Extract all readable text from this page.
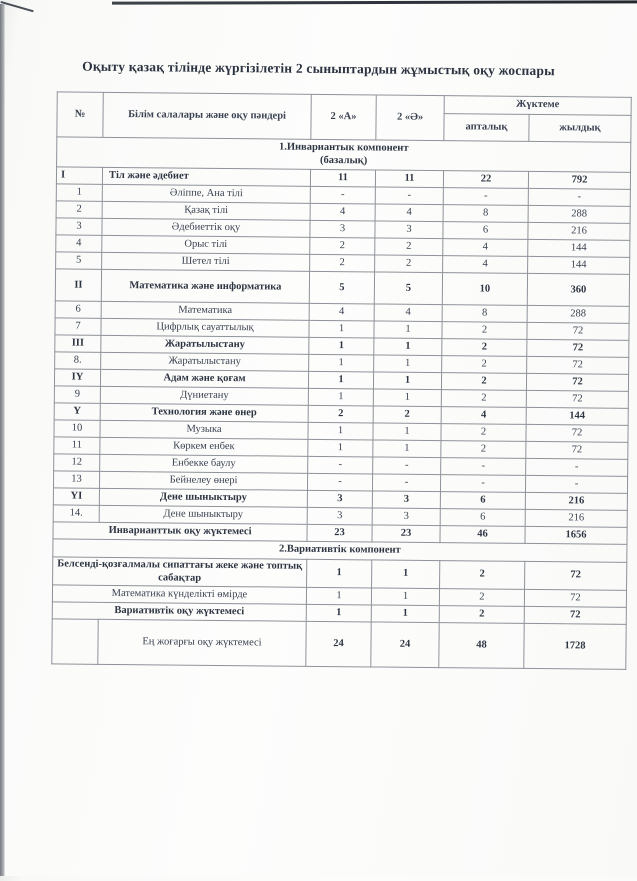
Оқыту қазақ тілінде жүргізілетін 2 сыныптардын жұмыстық оқу жоспары
№	Білім салалары және оқу пәндері	2 «А»	2 «Ә»	Жүктеме	
				апталық	жылдық

1.Инвариантык компонент
(базалық)					

I	Тіл және әдебиет	11	11	22	792
1	Әліппе, Ана тілі	-	-	-	-
2	Қазақ тілі	4	4	8	288
3	Әдебиеттік оқу	3	3	6	216
4	Орыс тілі	2	2	4	144
5	Шетел тілі	2	2	4	144
II	Математика және информатика	5	5	10	360
6	Математика	4	4	8	288
7	Цифрлық сауаттылық	1	1	2	72
III	Жаратылыстану	1	1	2	72
8.	Жаратылыстану	1	1	2	72
IY	Адам және қоғам	1	1	2	72
9	Дүниетану	1	1	2	72
Y	Технология және өнер	2	2	4	144
10	Музыка	1	1	2	72
11	Көркем енбек	1	1	2	72
12	Енбекке баулу	-	-	-	-
13	Бейнелеу өнері	-	-	-	-
YI	Дене шыныктыру	3	3	6	216
14.	Дене шыныктыру	3	3	6	216
Инварианттык оқу жүктемесі		23	23	46	1656

2.Вариативтік компонент					

Белсенді-қозғалмалы сипаттағы жеке және топтық сабақтар		1	1	2	72
Математика күнделікті өмірде		1	1	2	72
Вариативтік оқу жүктемесі		1	1	2	72
	Ең жоғарғы оқу жүктемесі	24	24	48	1728
